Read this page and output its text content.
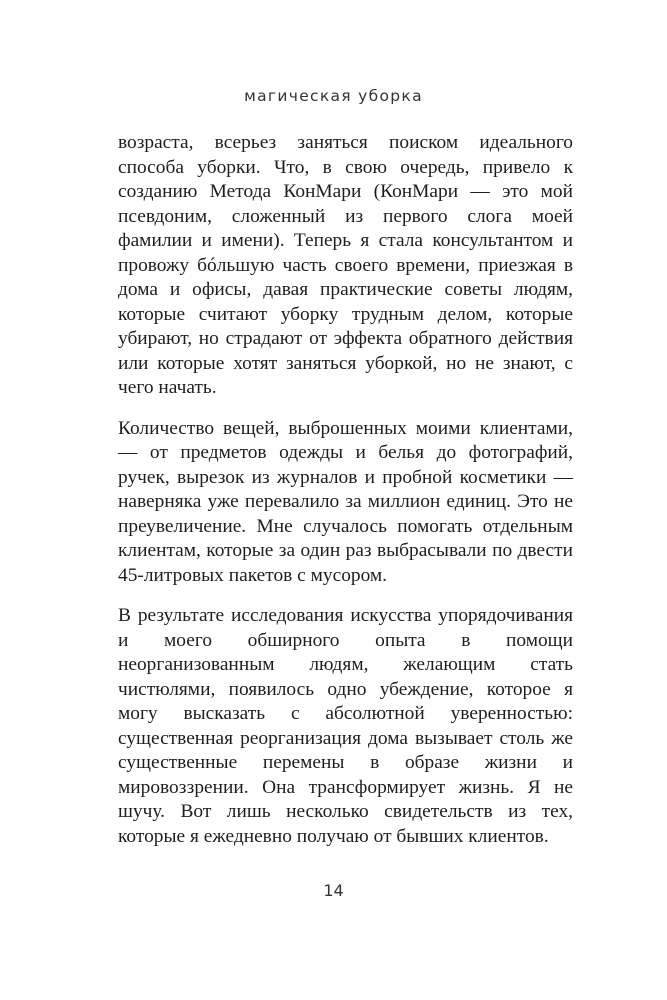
магическая уборка

возраста, всерьез заняться поиском идеального способа уборки. Что, в свою очередь, привело к созданию Метода КонМари (КонМари — это мой псевдоним, сложенный из первого слога моей фамилии и имени). Теперь я стала консультантом и провожу бóльшую часть своего времени, приезжая в дома и офисы, давая практические советы людям, которые считают уборку трудным делом, которые убирают, но страдают от эффекта обратного действия или которые хотят заняться уборкой, но не знают, с чего начать.

Количество вещей, выброшенных моими клиентами, — от предметов одежды и белья до фотографий, ручек, вырезок из журналов и пробной косметики — наверняка уже перевалило за миллион единиц. Это не преувеличение. Мне случалось помогать отдельным клиентам, которые за один раз выбрасывали по двести 45-литровых пакетов с мусором.

В результате исследования искусства упорядочивания и моего обширного опыта в помощи неорганизованным людям, желающим стать чистюлями, появилось одно убеждение, которое я могу высказать с абсолютной уверенностью: существенная реорганизация дома вызывает столь же существенные перемены в образе жизни и мировоззрении. Она трансформирует жизнь. Я не шучу. Вот лишь несколько свидетельств из тех, которые я ежедневно получаю от бывших клиентов.

14
